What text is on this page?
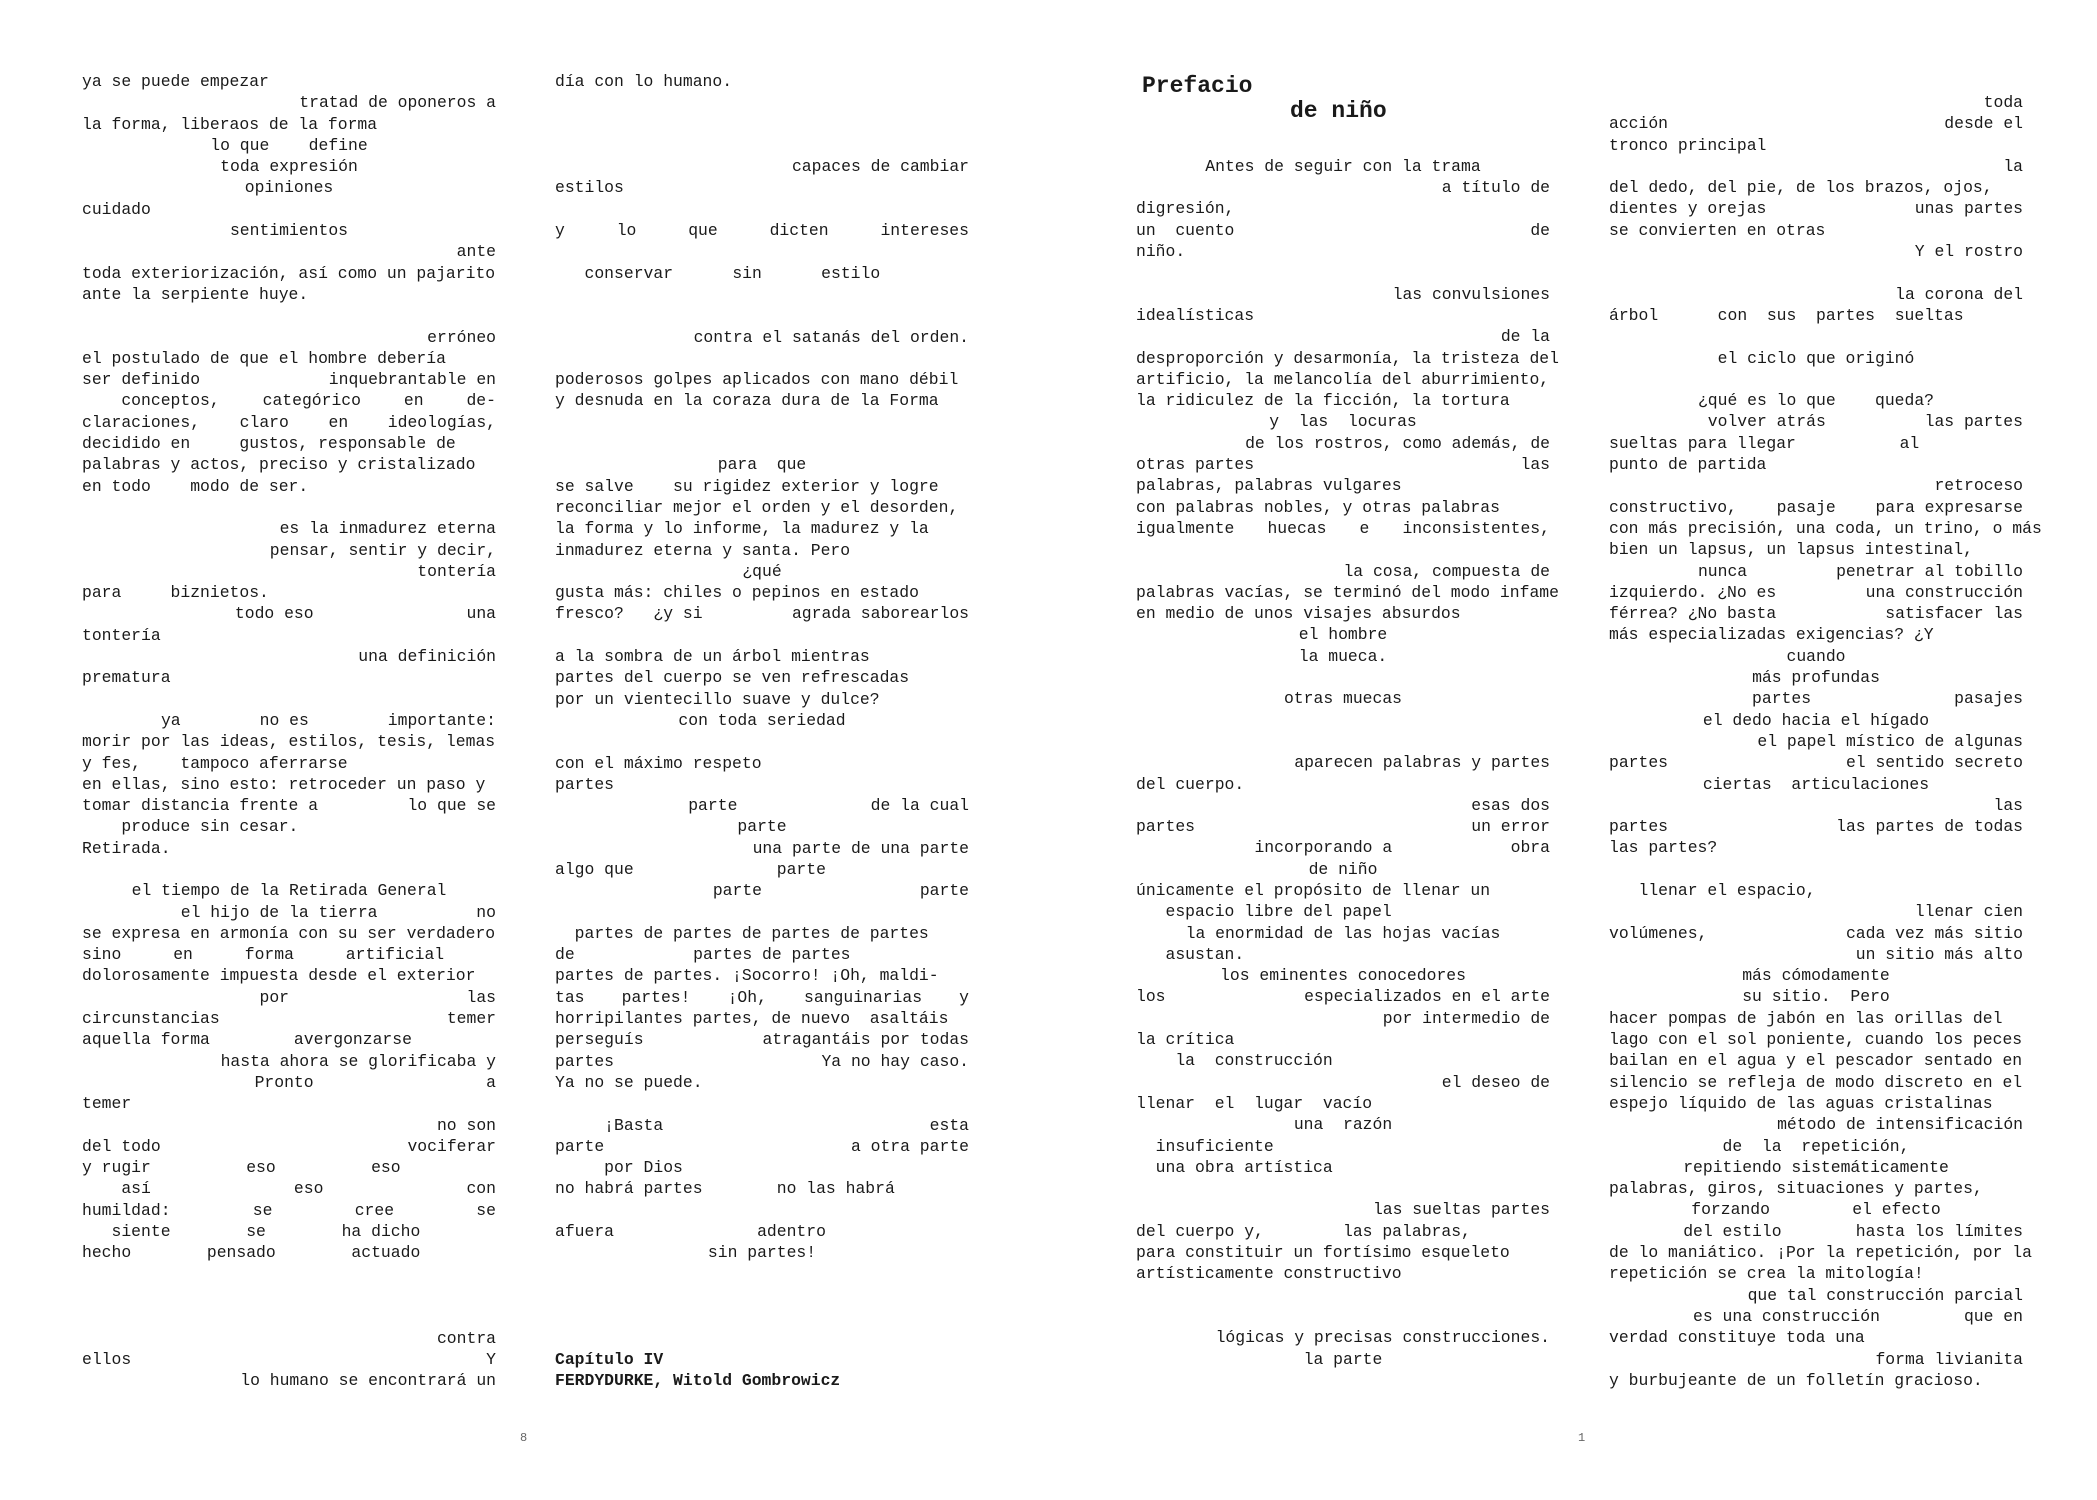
ya se puede empezar
tratad de oponeros a
la forma, liberaos de la forma
lo que    define
toda expresión
opiniones
cuidado
sentimientos
ante
toda exteriorización, así como un pajarito
ante la serpiente huye.
erróneo
el postulado de que el hombre debería
ser definido	inquebrantable en
conceptos,	categórico	en	de-
claraciones, claro en ideologías,
decidido en     gustos, responsable de
palabras y actos, preciso y cristalizado
en todo    modo de ser.
es la inmadurez eterna
pensar, sentir y decir,
tontería
para     biznietos.
todo eso	una
tontería
una definición
prematura
ya	no es	importante:
morir por las ideas, estilos, tesis, lemas
y fes,    tampoco aferrarse
en ellas, sino esto: retroceder un paso y
tomar distancia frente a	lo que se
produce sin cesar.
Retirada.
el tiempo de la Retirada General
el hijo de la tierra	no
se expresa en armonía con su ser verdadero
sino	en	forma	artificial
dolorosamente impuesta desde el exterior
por	las
circunstancias	temer
aquella forma	avergonzarse
hasta ahora se glorificaba y
Pronto	a
temer
no son
del todo	vociferar
y rugir	eso	eso
así	eso	con
humildad:	se	cree	se
siente	se	ha dicho
hecho	pensado	actuado
contra
ellos	Y
lo humano se encontrará un
día con lo humano.
capaces de cambiar
estilos
y	lo	que	dicten	intereses
conservar	sin	estilo

contra el satanás del orden.
poderosos golpes aplicados con mano débil
y desnuda en la coraza dura de la Forma
para  que
se salve    su rigidez exterior y logre
reconciliar mejor el orden y el desorden,
la forma y lo informe, la madurez y la
inmadurez eterna y santa. Pero
¿qué
gusta más: chiles o pepinos en estado
fresco?   ¿y si	agrada saborearlos
a la sombra de un árbol mientras
partes del cuerpo se ven refrescadas
por un vientecillo suave y dulce?
con toda seriedad
con el máximo respeto
partes
parte	de la cual
parte
una parte de una parte
algo que	parte
parte	parte
partes de partes de partes de partes
de	partes de partes
partes de partes. ¡Socorro! ¡Oh, maldi-
tas partes! ¡Oh, sanguinarias y
horripilantes partes, de nuevo  asaltáis
perseguís	atragantáis por todas
partes	Ya no hay caso.
Ya no se puede.
¡Basta	esta
parte	a otra parte
por Dios
no habrá partes	no las habrá
afuera	adentro
sin partes!
Capítulo IV
FERDYDURKE, Witold Gombrowicz
8
Prefacio
de niño
Antes de seguir con la trama
a título de
digresión,
un  cuento	de
niño.
las convulsiones
idealísticas
de la
desproporción y desarmonía, la tristeza del
artificio, la melancolía del aburrimiento,
la ridiculez de la ficción, la tortura
y  las  locuras
de los rostros, como además, de
otras partes	las
palabras, palabras vulgares
con palabras nobles, y otras palabras
igualmente huecas e inconsistentes,
la cosa, compuesta de
palabras vacías, se terminó del modo infame
en medio de unos visajes absurdos
el hombre
la mueca.
otras muecas
aparecen palabras y partes
del cuerpo.
esas dos
partes	un error
incorporando a	obra
de niño
únicamente el propósito de llenar un
espacio libre del papel
la enormidad de las hojas vacías
asustan.
los eminentes conocedores
los	especializados en el arte
por intermedio de
la crítica
la  construcción
el deseo de
llenar  el  lugar  vacío
una  razón
insuficiente
una obra artística
las sueltas partes
del cuerpo y,	las palabras,
para constituir un fortísimo esqueleto
artísticamente constructivo
lógicas y precisas construcciones.
la parte
toda
acción	desde el
tronco principal
la
del dedo, del pie, de los brazos, ojos,
dientes y orejas	unas partes
se convierten en otras
Y el rostro
la corona del
árbol	con  sus  partes  sueltas
el ciclo que originó
¿qué es lo que    queda?
volver atrás	las partes
sueltas para llegar	al
punto de partida
retroceso
constructivo, pasaje para expresarse
con más precisión, una coda, un trino, o más
bien un lapsus, un lapsus intestinal,
nunca	penetrar al tobillo
izquierdo. ¿No es	una construcción
férrea? ¿No basta	satisfacer las
más especializadas exigencias? ¿Y
cuando
más profundas
partes	pasajes
el dedo hacia el hígado
el papel místico de algunas
partes	el sentido secreto
ciertas  articulaciones
las
partes	las partes de todas
las partes?
llenar el espacio,
llenar cien
volúmenes,	cada vez más sitio
un sitio más alto
más cómodamente
su sitio.  Pero
hacer pompas de jabón en las orillas del
lago con el sol poniente, cuando los peces
bailan en el agua y el pescador sentado en
silencio se refleja de modo discreto en el
espejo líquido de las aguas cristalinas
método de intensificación
de  la  repetición,
repitiendo sistemáticamente
palabras, giros, situaciones y partes,
forzando	el efecto
del estilo	hasta los límites
de lo maniático. ¡Por la repetición, por la
repetición se crea la mitología!
que tal construcción parcial
es una construcción	que en
verdad constituye toda una
forma livianita
y burbujeante de un folletín gracioso.
1
